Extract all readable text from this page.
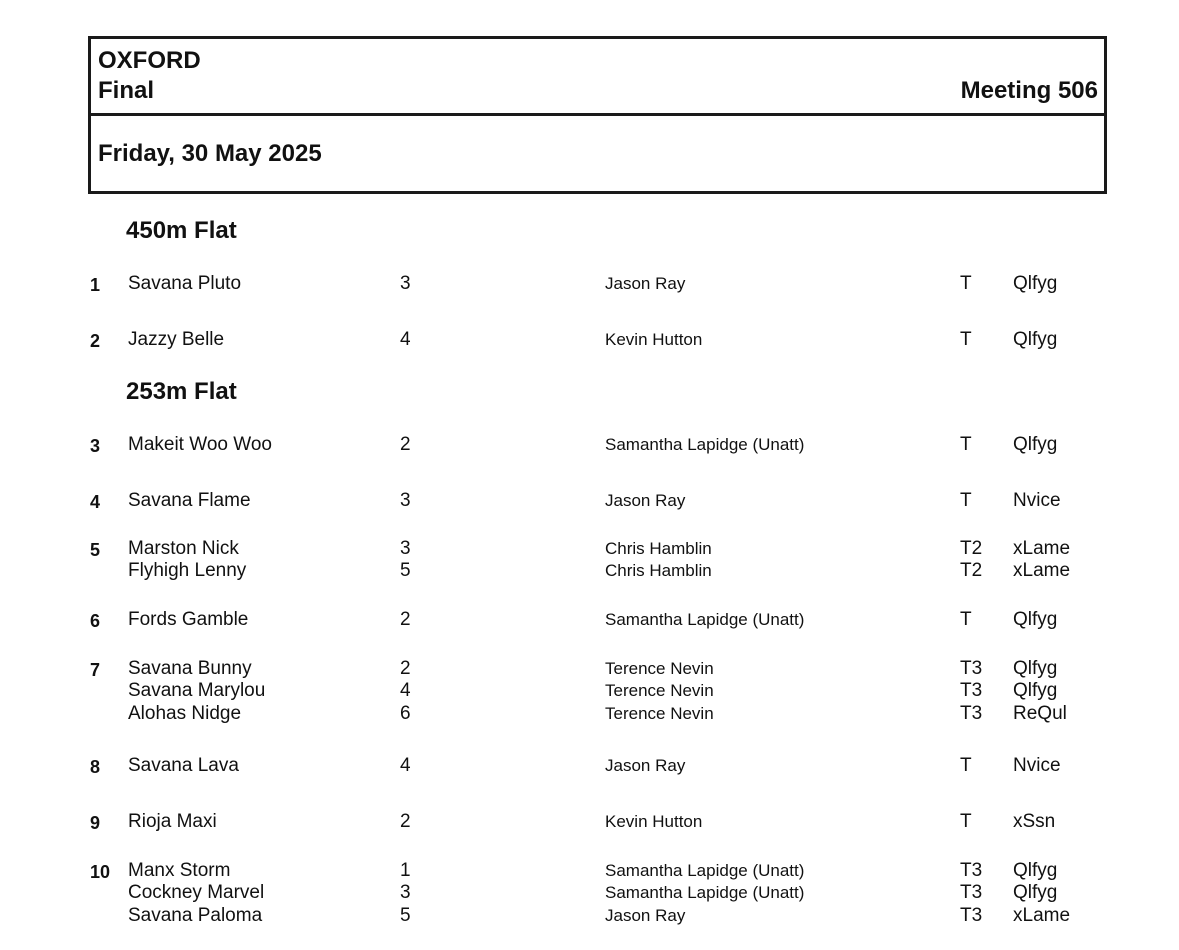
OXFORD
Final	Meeting 506
Friday, 30 May 2025
450m Flat
1	Savana Pluto	3	Jason Ray	T Qlfyg
2	Jazzy Belle	4	Kevin Hutton	T Qlfyg
253m Flat
3	Makeit Woo Woo	2	Samantha Lapidge (Unatt)	T Qlfyg
4	Savana Flame	3	Jason Ray	T Nvice
5	Marston Nick	3	Chris Hamblin	T2 xLame
Flyhigh Lenny	5	Chris Hamblin	T2 xLame
6	Fords Gamble	2	Samantha Lapidge (Unatt)	T Qlfyg
7	Savana Bunny	2	Terence Nevin	T3 Qlfyg
Savana Marylou	4	Terence Nevin	T3 Qlfyg
Alohas Nidge	6	Terence Nevin	T3 ReQul
8	Savana Lava	4	Jason Ray	T Nvice
9	Rioja Maxi	2	Kevin Hutton	T xSsn
10 Manx Storm	1	Samantha Lapidge (Unatt)	T3 Qlfyg
Cockney Marvel	3	Samantha Lapidge (Unatt)	T3 Qlfyg
Savana Paloma	5	Jason Ray	T3 xLame
